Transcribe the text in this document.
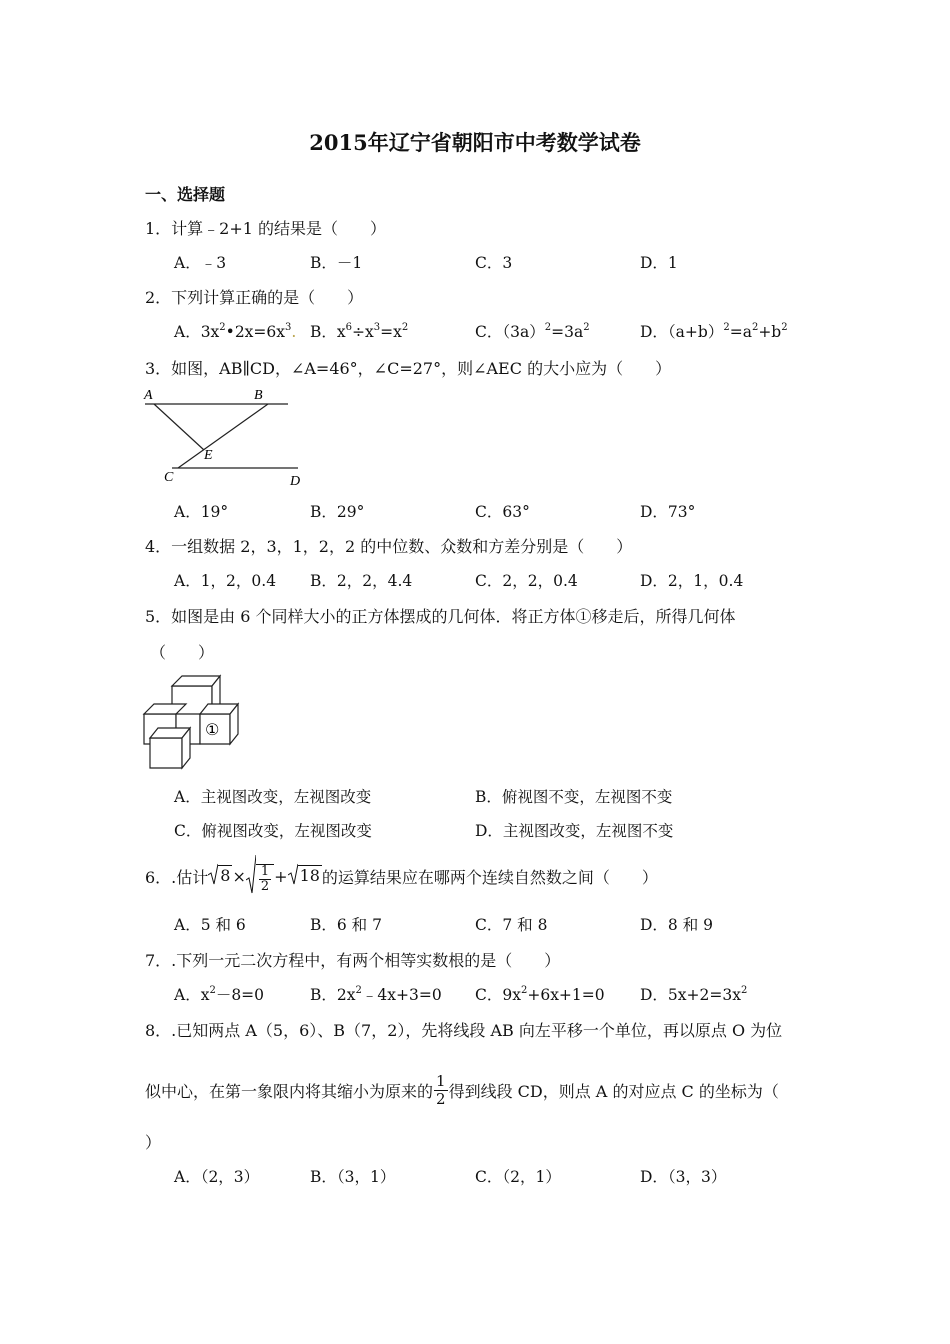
2015年辽宁省朝阳市中考数学试卷
一、选择题
1．计算﹣2+1 的结果是（　　）
A．﹣3	B．－1	C．3	D．1
2．下列计算正确的是（　　）
A．$3x^2•2x=6x^3$. B．$x^6\div x^3=x^2$	C．$(3a)^2=3a^2$	D．$(a+b)^2=a^2+b^2$
3．如图，AB∥CD，∠A=46°，∠C=27°，则∠AEC 的大小应为（　　）
A	B
E
C	D
A．19°	B．29°	C．63°	D．73°
4．一组数据 2，3，1，2，2 的中位数、众数和方差分别是（　　）
A．1，2，0.4 B．2，2，4.4	C．2，2，0.4	D．2，1，0.4
5．如图是由 6 个同样大小的正方体摆成的几何体．将正方体①移走后，所得几何体
（　　）
①
A．主视图改变，左视图改变	B．俯视图不变，左视图不变
C．俯视图改变，左视图改变	D．主视图改变，左视图不变
6．.估计 $8 \times \frac{1}{2} + 18$ 的运算结果应在哪两个连续自然数之间（　　）
A．5 和 6	B．6 和 7	C．7 和 8	D．8 和 9
7．.下列一元二次方程中，有两个相等实数根的是（　　）
A．$x^2-8=0$	B．$2x^2﹣4x+3=0$ C．$9x^2+6x+1=0$ D．$5x+2=3x^2$
8．.已知两点 A（5，6）、B（7，2），先将线段 AB 向左平移一个单位，再以原点 O 为位
似中心，在第一象限内将其缩小为原来的 $\frac{1}{2}$ 得到线段 CD，则点 A 的对应点 C 的坐标为（
）
A．（2，3）	B．（3，1）	C．（2，1）	D．（3，3）
